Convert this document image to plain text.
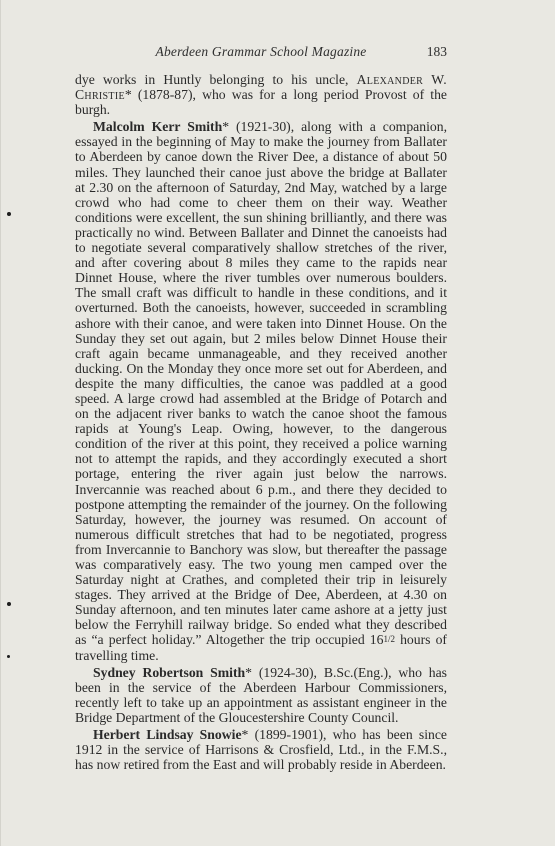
Aberdeen Grammar School Magazine	183

dye works in Huntly belonging to his uncle, Alexander W. Christie* (1878-87), who was for a long period Provost of the burgh.

Malcolm Kerr Smith* (1921-30), along with a companion, essayed in the beginning of May to make the journey from Ballater to Aberdeen by canoe down the River Dee, a distance of about 50 miles. They launched their canoe just above the bridge at Ballater at 2.30 on the afternoon of Saturday, 2nd May, watched by a large crowd who had come to cheer them on their way. Weather conditions were excellent, the sun shining brilliantly, and there was practically no wind. Between Ballater and Dinnet the canoeists had to negotiate several comparatively shallow stretches of the river, and after covering about 8 miles they came to the rapids near Dinnet House, where the river tumbles over numerous boulders. The small craft was difficult to handle in these conditions, and it overturned. Both the canoeists, however, succeeded in scrambling ashore with their canoe, and were taken into Dinnet House. On the Sunday they set out again, but 2 miles below Dinnet House their craft again became unmanageable, and they received another ducking. On the Monday they once more set out for Aberdeen, and despite the many difficulties, the canoe was paddled at a good speed. A large crowd had assembled at the Bridge of Potarch and on the adjacent river banks to watch the canoe shoot the famous rapids at Young's Leap. Owing, however, to the dangerous condition of the river at this point, they received a police warning not to attempt the rapids, and they accordingly executed a short portage, entering the river again just below the narrows. Invercannie was reached about 6 p.m., and there they decided to postpone attempting the remainder of the journey. On the following Saturday, however, the journey was resumed. On account of numerous difficult stretches that had to be negotiated, progress from Invercannie to Banchory was slow, but thereafter the passage was comparatively easy. The two young men camped over the Saturday night at Crathes, and completed their trip in leisurely stages. They arrived at the Bridge of Dee, Aberdeen, at 4.30 on Sunday afternoon, and ten minutes later came ashore at a jetty just below the Ferryhill railway bridge. So ended what they described as “a perfect holiday.” Altogether the trip occupied 161/2 hours of travelling time.

Sydney Robertson Smith* (1924-30), B.Sc.(Eng.), who has been in the service of the Aberdeen Harbour Commissioners, recently left to take up an appointment as assistant engineer in the Bridge Department of the Gloucestershire County Council.

Herbert Lindsay Snowie* (1899-1901), who has been since 1912 in the service of Harrisons & Crosfield, Ltd., in the F.M.S., has now retired from the East and will probably reside in Aberdeen.
